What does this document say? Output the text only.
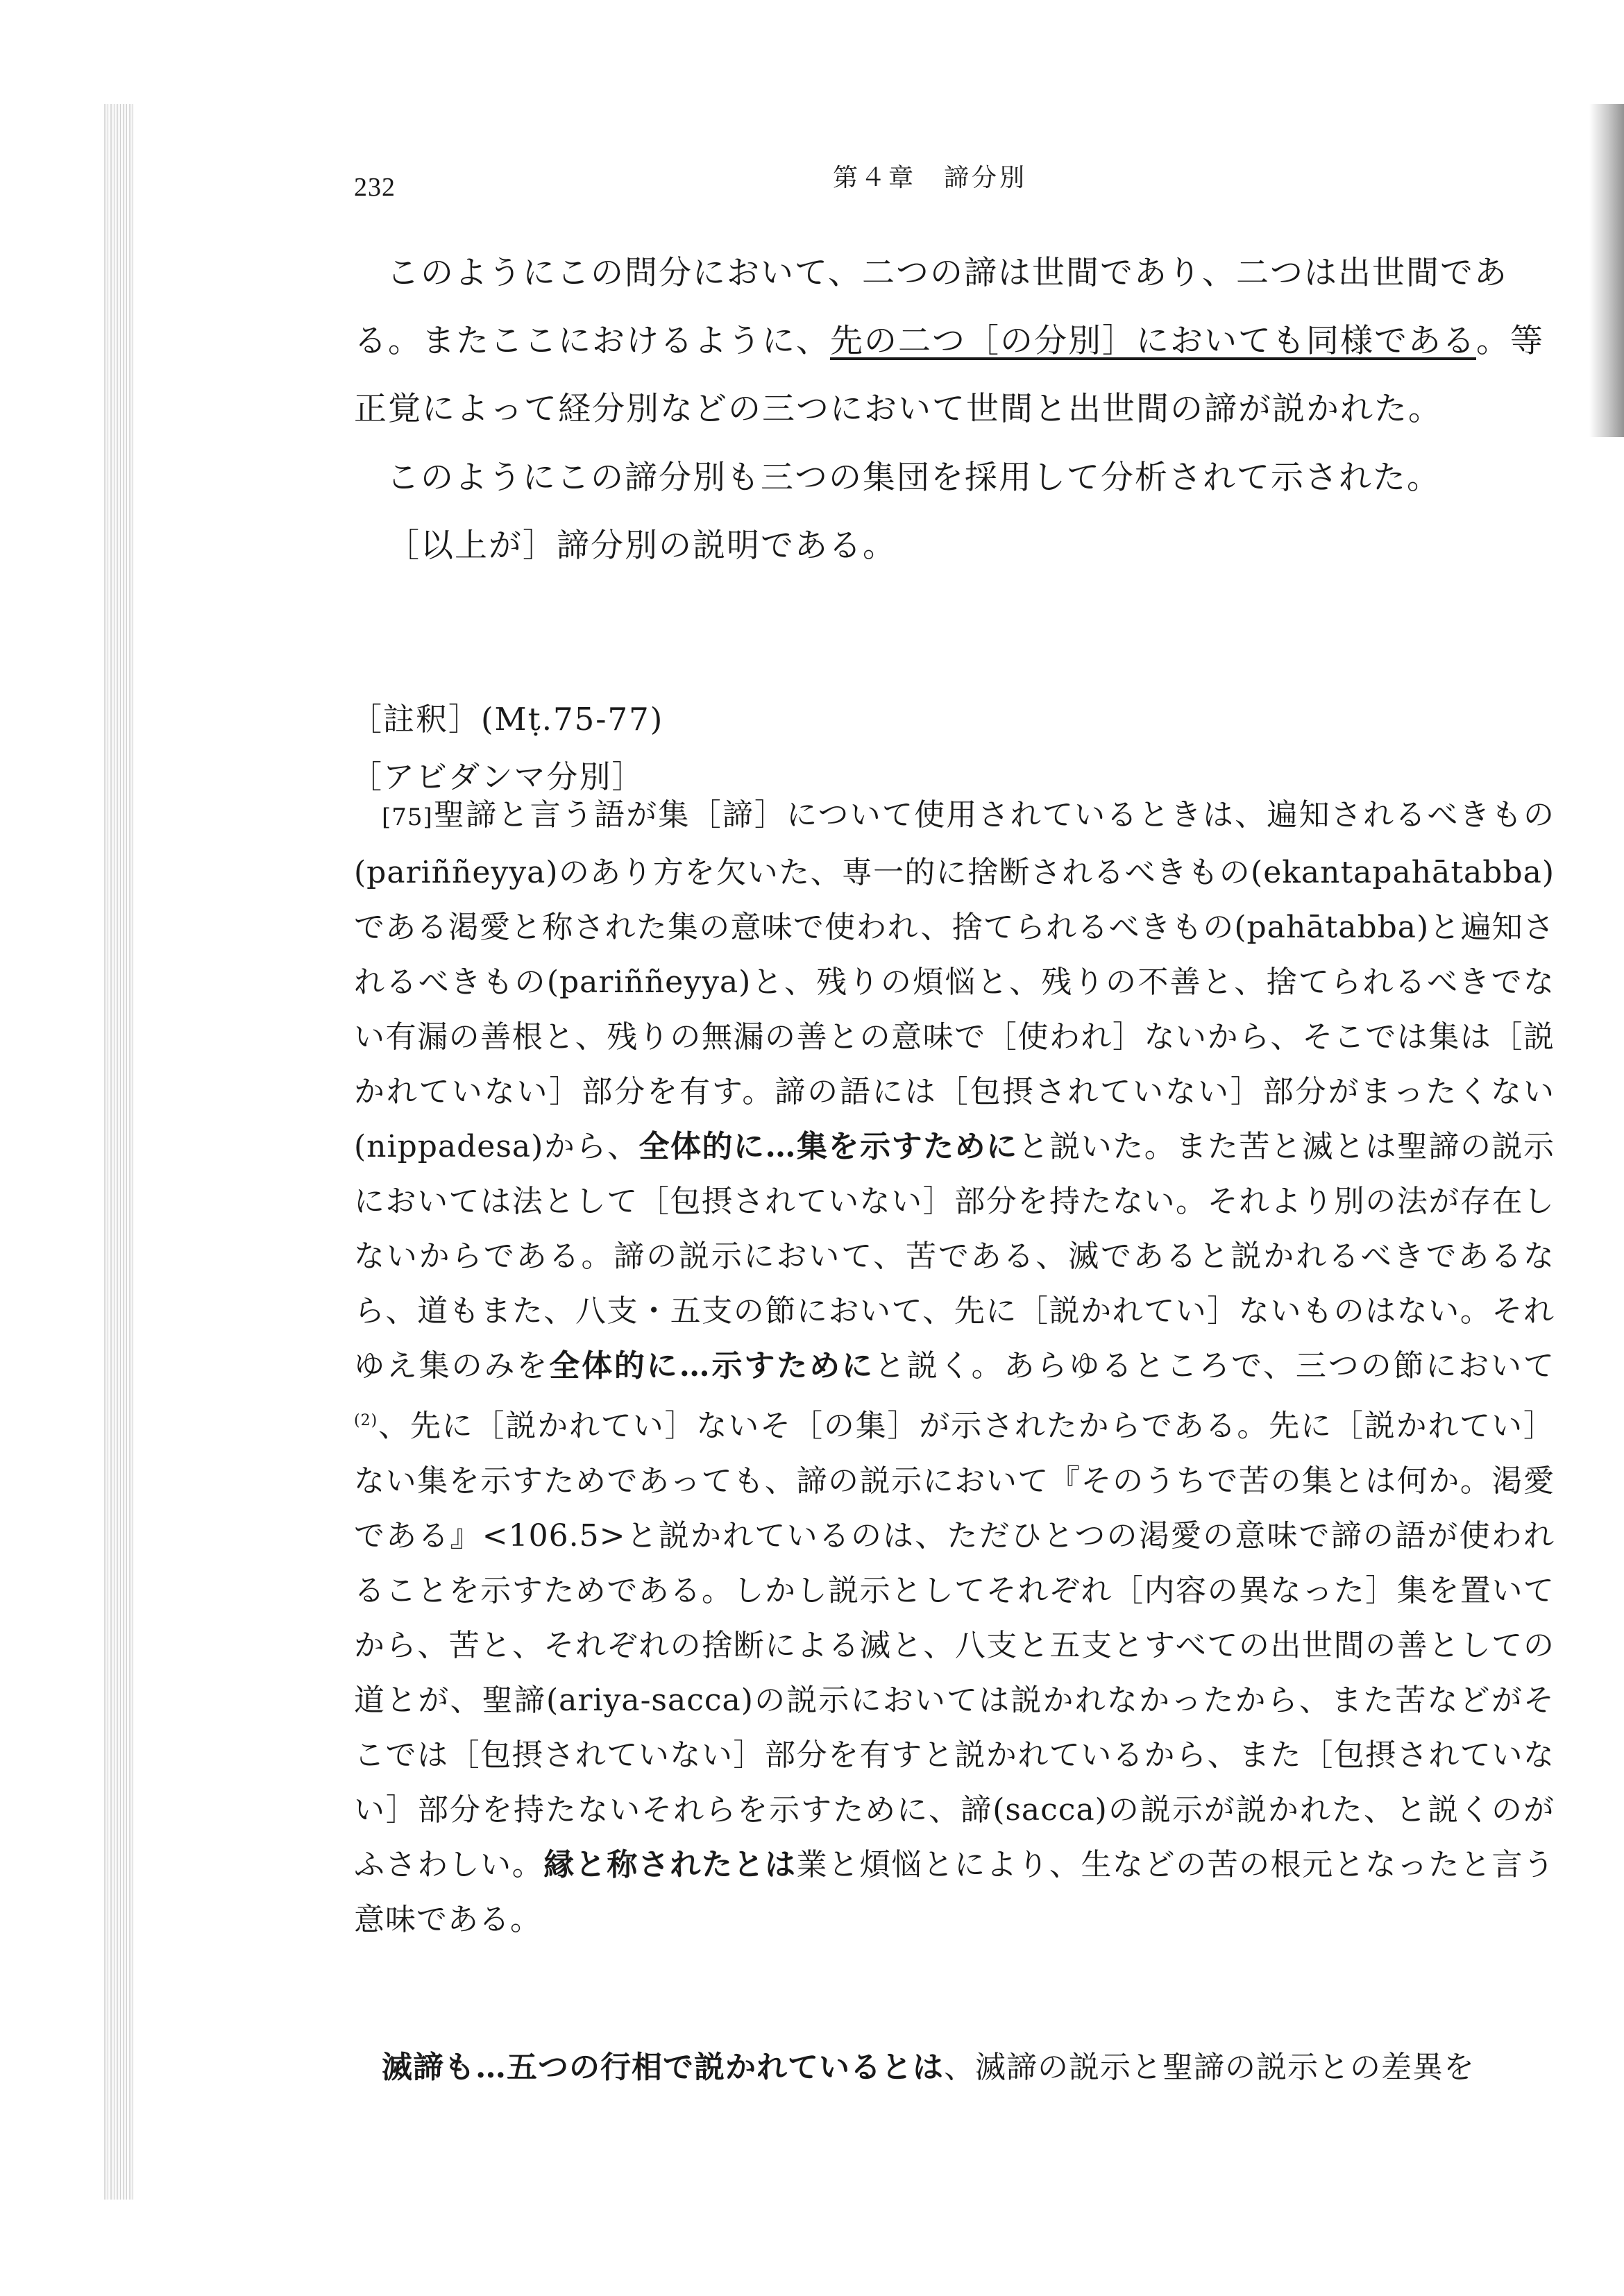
232	第４章　諦分別

このようにこの問分において、二つの諦は世間であり、二つは出世間である。またここにおけるように、先の二つ［の分別］においても同様である。等正覚によって経分別などの三つにおいて世間と出世間の諦が説かれた。

このようにこの諦分別も三つの集団を採用して分析されて示された。

［以上が］諦分別の説明である。

［註釈］(Mṭ.75-77)
［アビダンマ分別］

[75]聖諦と言う語が集［諦］について使用されているときは、遍知されるべきもの(pariññeyya)のあり方を欠いた、専一的に捨断されるべきもの(ekantapahātabba)である渇愛と称された集の意味で使われ、捨てられるべきもの(pahātabba)と遍知されるべきもの(pariññeyya)と、残りの煩悩と、残りの不善と、捨てられるべきでない有漏の善根と、残りの無漏の善との意味で［使われ］ないから、そこでは集は［説かれていない］部分を有す。諦の語には［包摂されていない］部分がまったくない(nippadesa)から、全体的に…集を示すためにと説いた。また苦と滅とは聖諦の説示においては法として［包摂されていない］部分を持たない。それより別の法が存在しないからである。諦の説示において、苦である、滅であると説かれるべきであるなら、道もまた、八支・五支の節において、先に［説かれてい］ないものはない。それゆえ集のみを全体的に…示すためにと説く。あらゆるところで、三つの節において$^{(2)}$、先に［説かれてい］ないそ［の集］が示されたからである。先に［説かれてい］ない集を示すためであっても、諦の説示において『そのうちで苦の集とは何か。渇愛である』<106.5>と説かれているのは、ただひとつの渇愛の意味で諦の語が使われることを示すためである。しかし説示としてそれぞれ［内容の異なった］集を置いてから、苦と、それぞれの捨断による滅と、八支と五支とすべての出世間の善としての道とが、聖諦(ariya-sacca)の説示においては説かれなかったから、また苦などがそこでは［包摂されていない］部分を有すと説かれているから、また［包摂されていない］部分を持たないそれらを示すために、諦(sacca)の説示が説かれた、と説くのがふさわしい。縁と称されたとは業と煩悩とにより、生などの苦の根元となったと言う意味である。

滅諦も…五つの行相で説かれているとは、滅諦の説示と聖諦の説示との差異を
